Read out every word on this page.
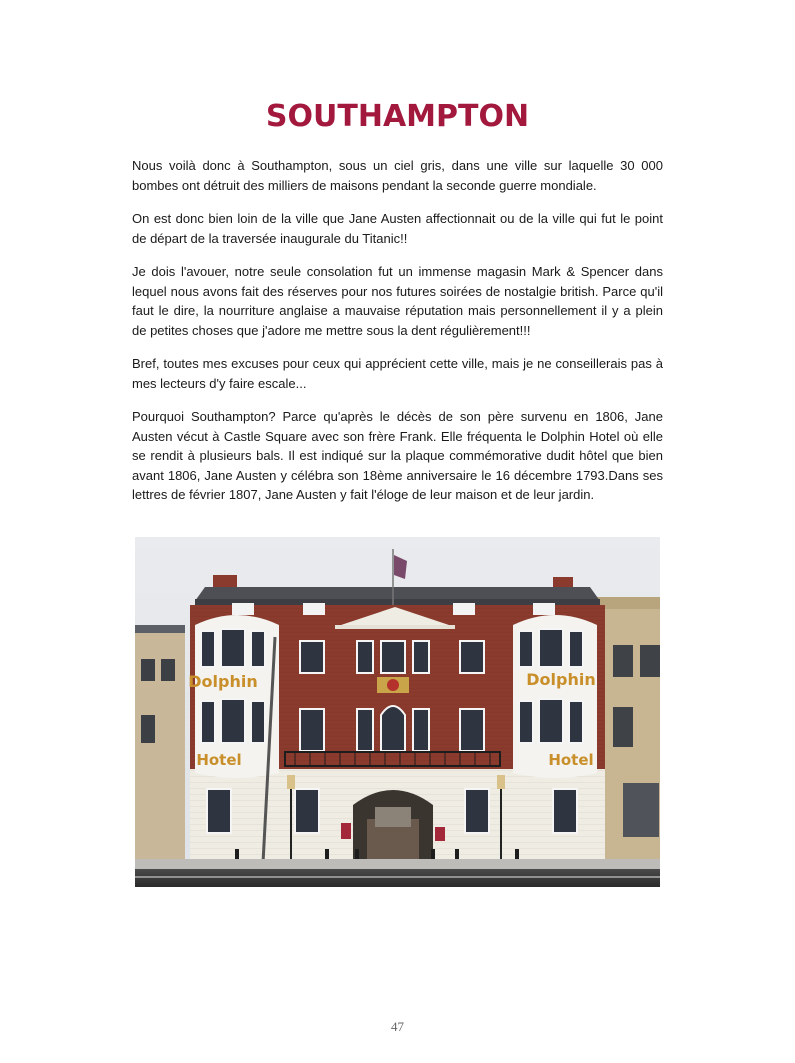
SOUTHAMPTON

Nous voilà donc à Southampton, sous un ciel gris, dans une ville sur laquelle 30 000 bombes ont détruit des milliers de maisons pendant la seconde guerre mondiale.

On est donc bien loin de la ville que Jane Austen affectionnait ou de la ville qui fut le point de départ de la traversée inaugurale du Titanic!!

Je dois l'avouer, notre seule consolation fut un immense magasin Mark & Spencer dans lequel nous avons fait des réserves pour nos futures soirées de nostalgie british. Parce qu'il faut le dire, la nourriture anglaise a mauvaise réputation mais personnellement il y a plein de petites choses que j'adore me mettre sous la dent régulièrement!!!

Bref, toutes mes excuses pour ceux qui apprécient cette ville, mais je ne conseillerais pas à mes lecteurs d'y faire escale...

Pourquoi Southampton? Parce qu'après le décès de son père survenu en 1806, Jane Austen vécut à Castle Square avec son frère Frank. Elle fréquenta le Dolphin Hotel où elle se rendit à plusieurs bals. Il est indiqué sur la plaque commémorative dudit hôtel que bien avant 1806, Jane Austen y célébra son 18ème anniversaire le 16 décembre 1793.Dans ses lettres de février 1807, Jane Austen y fait l'éloge de leur maison et de leur jardin.

Dolphin
Hotel
Dolphin
Hotel
47
